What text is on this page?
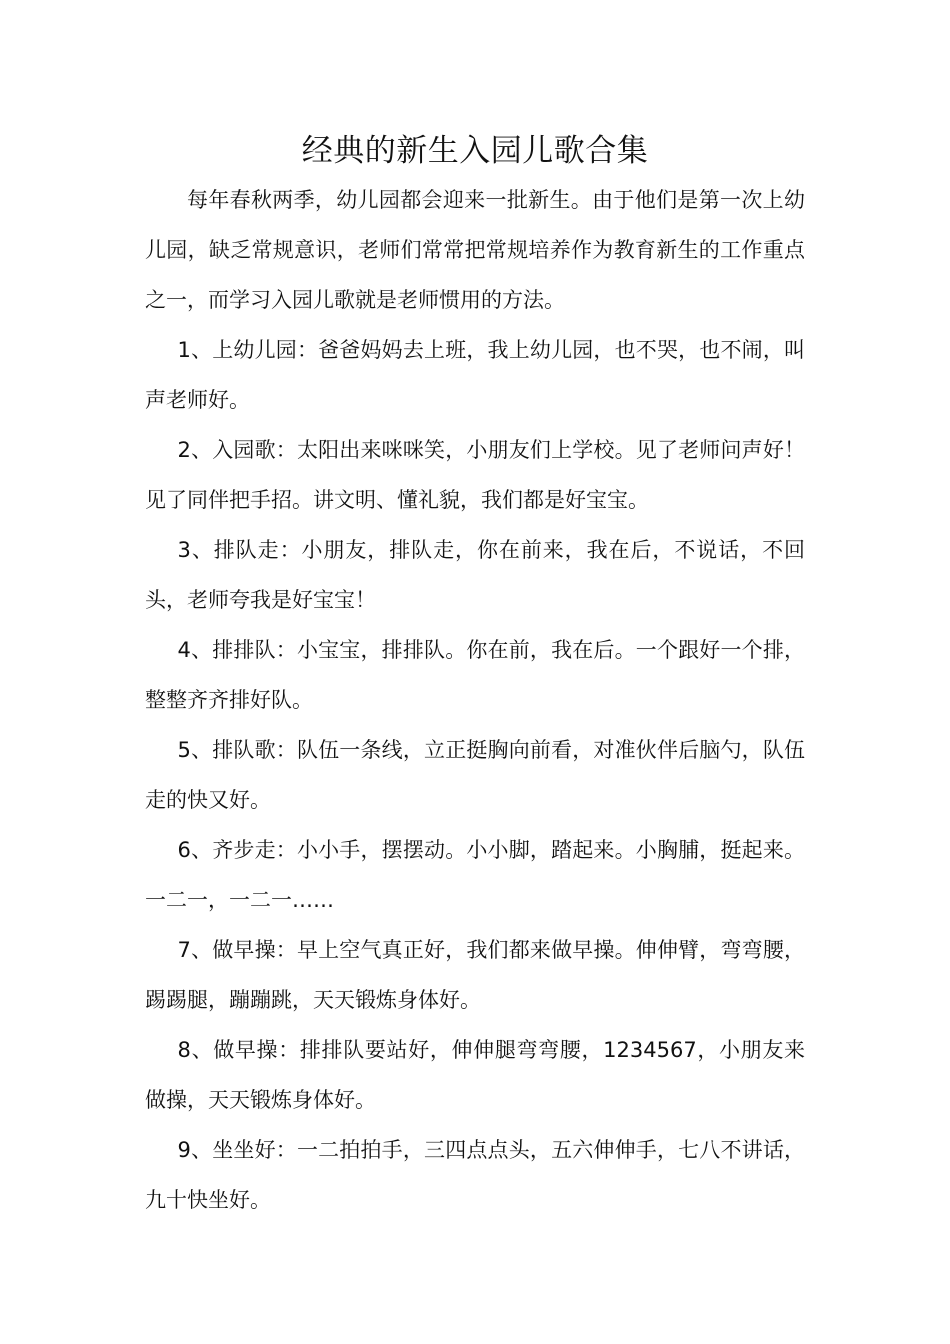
经典的新生入园儿歌合集

每年春秋两季，幼儿园都会迎来一批新生。由于他们是第一次上幼儿园，缺乏常规意识，老师们常常把常规培养作为教育新生的工作重点之一，而学习入园儿歌就是老师惯用的方法。

1、上幼儿园：爸爸妈妈去上班，我上幼儿园，也不哭，也不闹，叫声老师好。

2、入园歌：太阳出来咪咪笑，小朋友们上学校。见了老师问声好！见了同伴把手招。讲文明、懂礼貌，我们都是好宝宝。

3、排队走：小朋友，排队走，你在前来，我在后，不说话，不回头，老师夸我是好宝宝！

4、排排队：小宝宝，排排队。你在前，我在后。一个跟好一个排，整整齐齐排好队。

5、排队歌：队伍一条线，立正挺胸向前看，对准伙伴后脑勺，队伍走的快又好。

6、齐步走：小小手，摆摆动。小小脚，踏起来。小胸脯，挺起来。一二一，一二一……

7、做早操：早上空气真正好，我们都来做早操。伸伸臂，弯弯腰，踢踢腿，蹦蹦跳，天天锻炼身体好。

8、做早操：排排队要站好，伸伸腿弯弯腰，1234567，小朋友来做操，天天锻炼身体好。

9、坐坐好：一二拍拍手，三四点点头，五六伸伸手，七八不讲话，九十快坐好。
